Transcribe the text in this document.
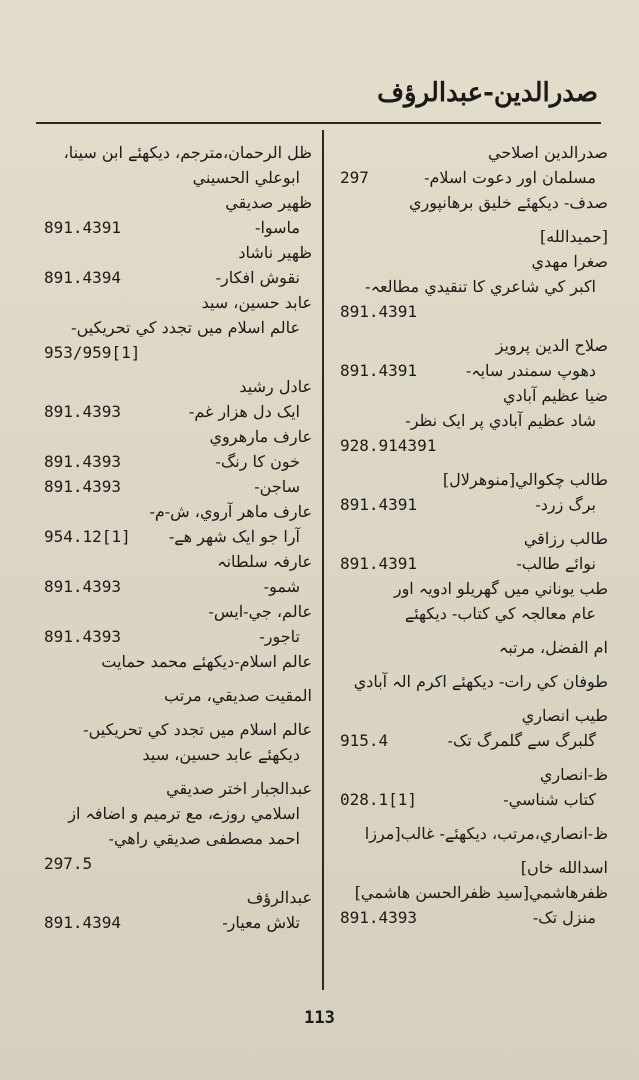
صدرالدین-عبدالرؤف
صدرالدین اصلاحي
مسلمان اور دعوت اسلام-
297
صدف- دیکھئے خلیق برھانپوري
[حمیدالله]
صغرا مھدي
اکبر کي شاعري کا تنقیدي مطالعہ-
891.4391
صلاح الدین پرویز
دھوپ سمندر سایہ-
891.4391
ضیا عظیم آبادي
شاد عظیم آبادي پر ایک نظر-
928.914391
طالب چکوالي[منوھرلال]
برگ زرد-
891.4391
طالب رزاقي
نوائے طالب-
891.4391
طب یوناني میں گھریلو ادویہ اور
عام معالجہ کي کتاب- دیکھئے
ام الفضل، مرتبہ
طوفان کي رات- دیکھئے اکرم الہ آبادي
طیب انصاري
گلبرگ سے گلمرگ تک-
915.4
ظ-انصاري
کتاب شناسي-
028.1[1]
ظ-انصاري،مرتب، دیکھئے- غالب[مرزا
اسدالله خاں]
ظفرھاشمي[سید ظفرالحسن ھاشمي]
منزل تک-
891.4393
ظل الرحمان،مترجم، دیکھئے ابن سینا،
ابوعلي الحسیني
ظھیر صدیقي
ماسوا-
891.4391
ظھیر ناشاد
نقوش افکار-
891.4394
عابد حسین، سید
عالم اسلام میں تجدد کي تحریکیں-
953/959[1]
عادل رشید
ایک دل ھزار غم-
891.4393
عارف مارھروي
خون کا رنگ-
891.4393
ساجن-
891.4393
عارف ماھر آروي، ش-م-
آرا جو ایک شھر ھے-
954.12[1]
عارفہ سلطانہ
شمو-
891.4393
عالم، جي-ایس-
تاجور-
891.4393
عالم اسلام-دیکھئے محمد حمایت
المقیت صدیقي، مرتب
عالم اسلام میں تجدد کي تحریکیں-
دیکھئے عابد حسین، سید
عبدالجبار اختر صدیقي
اسلامي روزے، مع ترمیم و اضافہ از
احمد مصطفی صدیقي راھي-
297.5
عبدالرؤف
تلاش معیار-
891.4394
113
